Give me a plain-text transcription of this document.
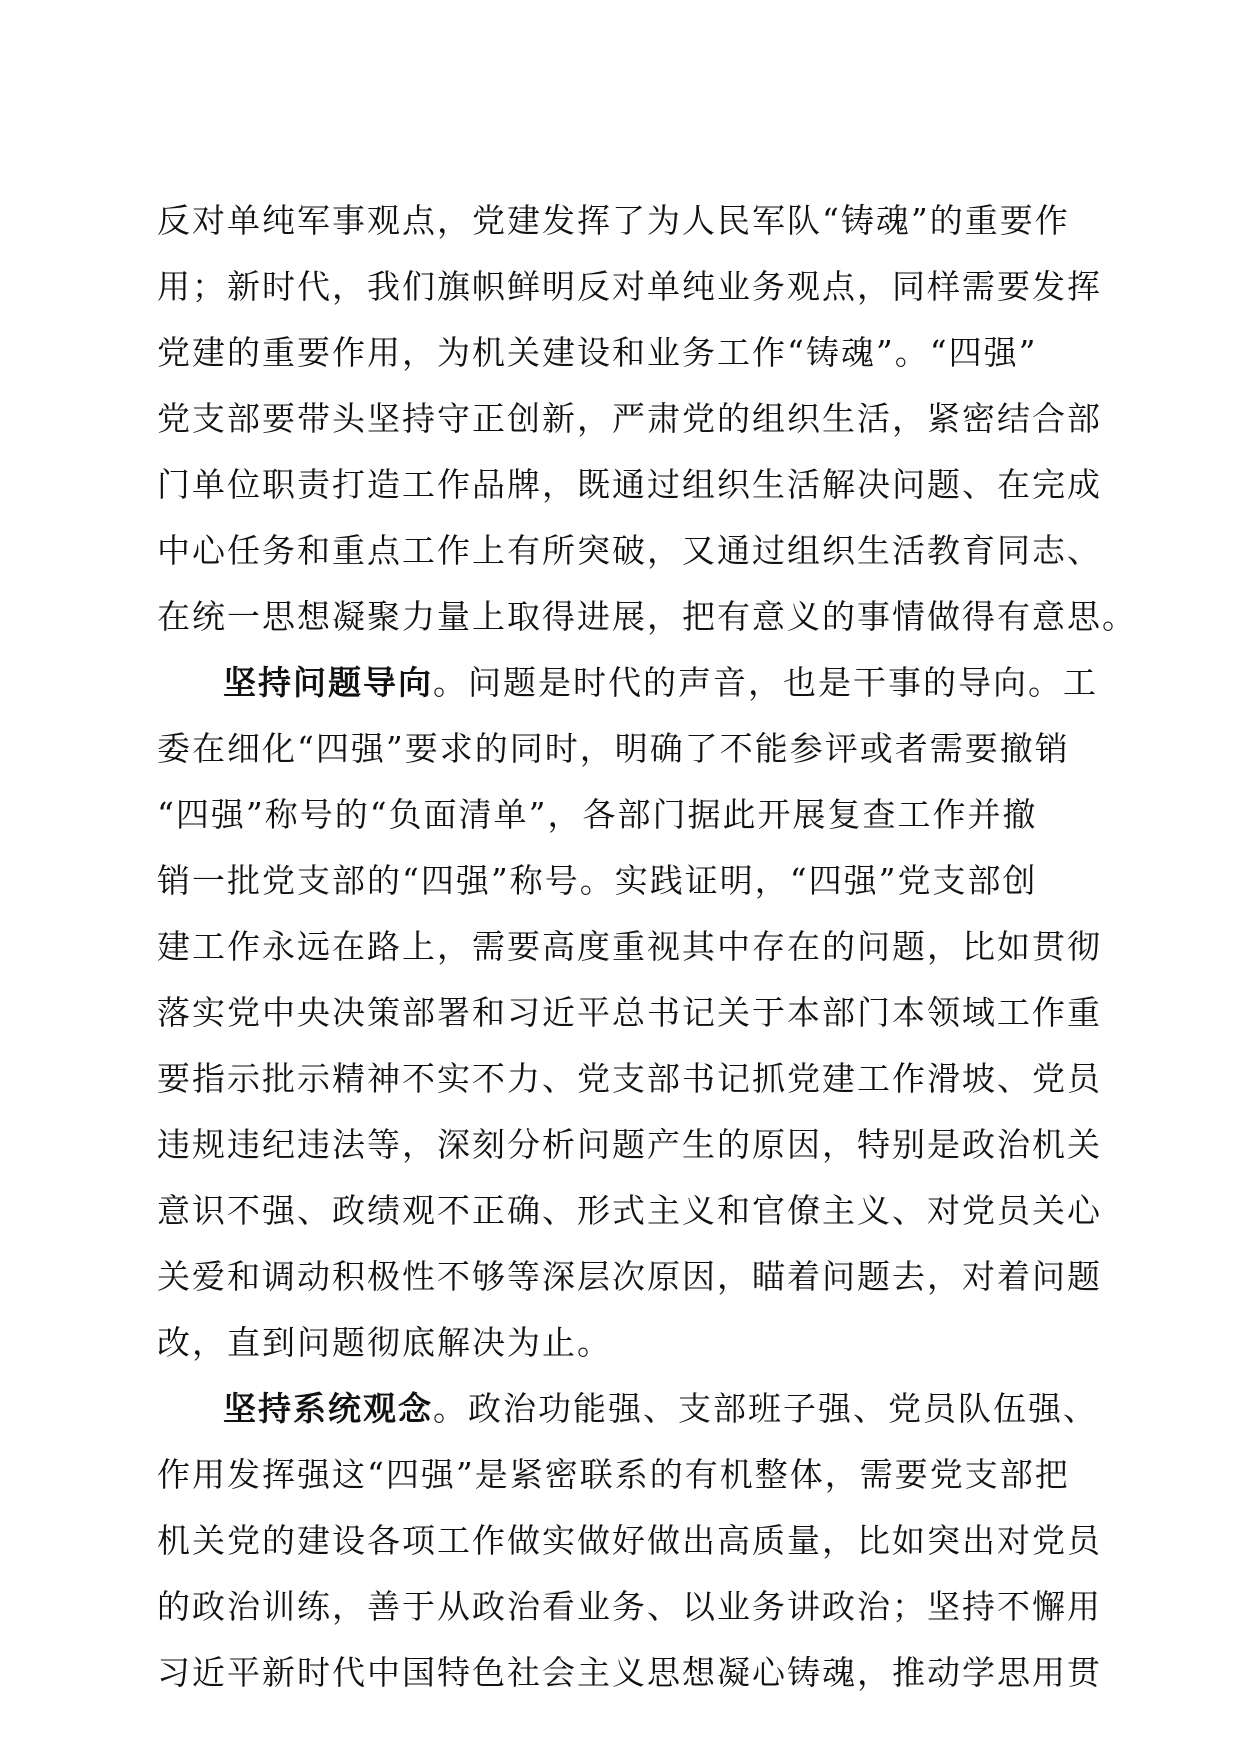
反对单纯军事观点，党建发挥了为人民军队“铸魂”的重要作
用；新时代，我们旗帜鲜明反对单纯业务观点，同样需要发挥
党建的重要作用，为机关建设和业务工作“铸魂”。“四强”
党支部要带头坚持守正创新，严肃党的组织生活，紧密结合部
门单位职责打造工作品牌，既通过组织生活解决问题、在完成
中心任务和重点工作上有所突破，又通过组织生活教育同志、
在统一思想凝聚力量上取得进展，把有意义的事情做得有意思。
坚持问题导向。问题是时代的声音，也是干事的导向。工
委在细化“四强”要求的同时，明确了不能参评或者需要撤销
“四强”称号的“负面清单”，各部门据此开展复查工作并撤
销一批党支部的“四强”称号。实践证明，“四强”党支部创
建工作永远在路上，需要高度重视其中存在的问题，比如贯彻
落实党中央决策部署和习近平总书记关于本部门本领域工作重
要指示批示精神不实不力、党支部书记抓党建工作滑坡、党员
违规违纪违法等，深刻分析问题产生的原因，特别是政治机关
意识不强、政绩观不正确、形式主义和官僚主义、对党员关心
关爱和调动积极性不够等深层次原因，瞄着问题去，对着问题
改，直到问题彻底解决为止。
坚持系统观念。政治功能强、支部班子强、党员队伍强、
作用发挥强这“四强”是紧密联系的有机整体，需要党支部把
机关党的建设各项工作做实做好做出高质量，比如突出对党员
的政治训练，善于从政治看业务、以业务讲政治；坚持不懈用
习近平新时代中国特色社会主义思想凝心铸魂，推动学思用贯
